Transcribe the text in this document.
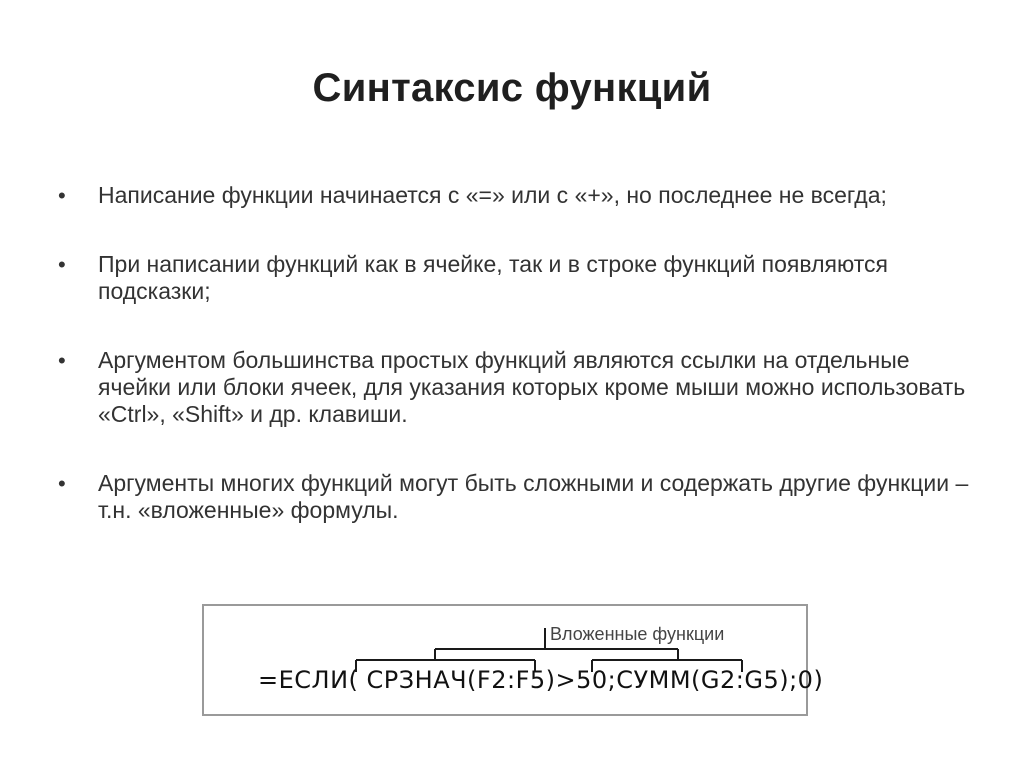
Синтаксис функций
• Написание функции начинается с «=» или с «+», но последнее не всегда;
• При написании функций как в ячейке, так и в строке функций появляются подсказки;
• Аргументом большинства простых функций являются ссылки на отдельные ячейки или блоки ячеек, для указания которых кроме мыши можно использовать «Ctrl», «Shift» и др. клавиши.
• Аргументы многих функций могут быть сложными и содержать другие функции – т.н. «вложенные» формулы.
Вложенные функции
=ЕСЛИ( СРЗНАЧ(F2:F5)>50;СУММ(G2:G5);0)
